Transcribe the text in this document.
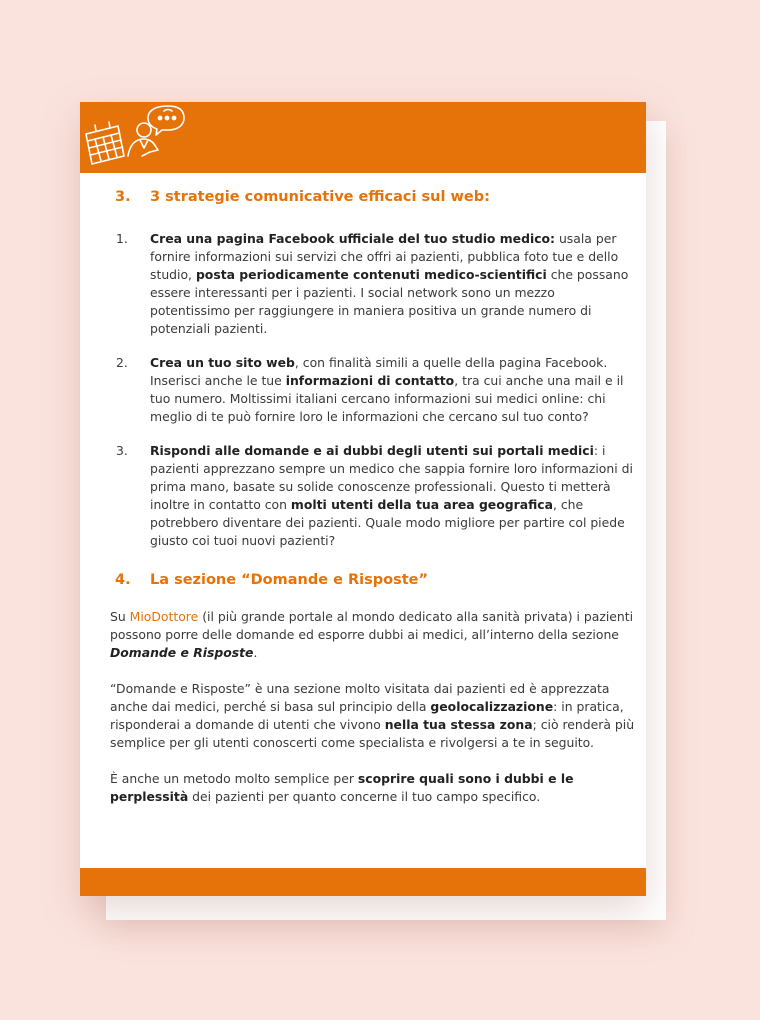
3.	3 strategie comunicative efficaci sul web:
1.	Crea una pagina Facebook ufficiale del tuo studio medico: usala per fornire informazioni sui servizi che offri ai pazienti, pubblica foto tue e dello studio, posta periodicamente contenuti medico-scientifici che possano essere interessanti per i pazienti. I social network sono un mezzo potentissimo per raggiungere in maniera positiva un grande numero di potenziali pazienti.
2.	Crea un tuo sito web, con finalità simili a quelle della pagina Facebook. Inserisci anche le tue informazioni di contatto, tra cui anche una mail e il tuo numero. Moltissimi italiani cercano informazioni sui medici online: chi meglio di te può fornire loro le informazioni che cercano sul tuo conto?
3.	Rispondi alle domande e ai dubbi degli utenti sui portali medici: i pazienti apprezzano sempre un medico che sappia fornire loro informazioni di prima mano, basate su solide conoscenze professionali. Questo ti metterà inoltre in contatto con molti utenti della tua area geografica, che potrebbero diventare dei pazienti. Quale modo migliore per partire col piede giusto coi tuoi nuovi pazienti?
4.	La sezione “Domande e Risposte”

Su MioDottore (il più grande portale al mondo dedicato alla sanità privata) i pazienti possono porre delle domande ed esporre dubbi ai medici, all’interno della sezione Domande e Risposte.

“Domande e Risposte” è una sezione molto visitata dai pazienti ed è apprezzata anche dai medici, perché si basa sul principio della geolocalizzazione: in pratica, risponderai a domande di utenti che vivono nella tua stessa zona; ciò renderà più semplice per gli utenti conoscerti come specialista e rivolgersi a te in seguito.

È anche un metodo molto semplice per scoprire quali sono i dubbi e le perplessità dei pazienti per quanto concerne il tuo campo specifico.
